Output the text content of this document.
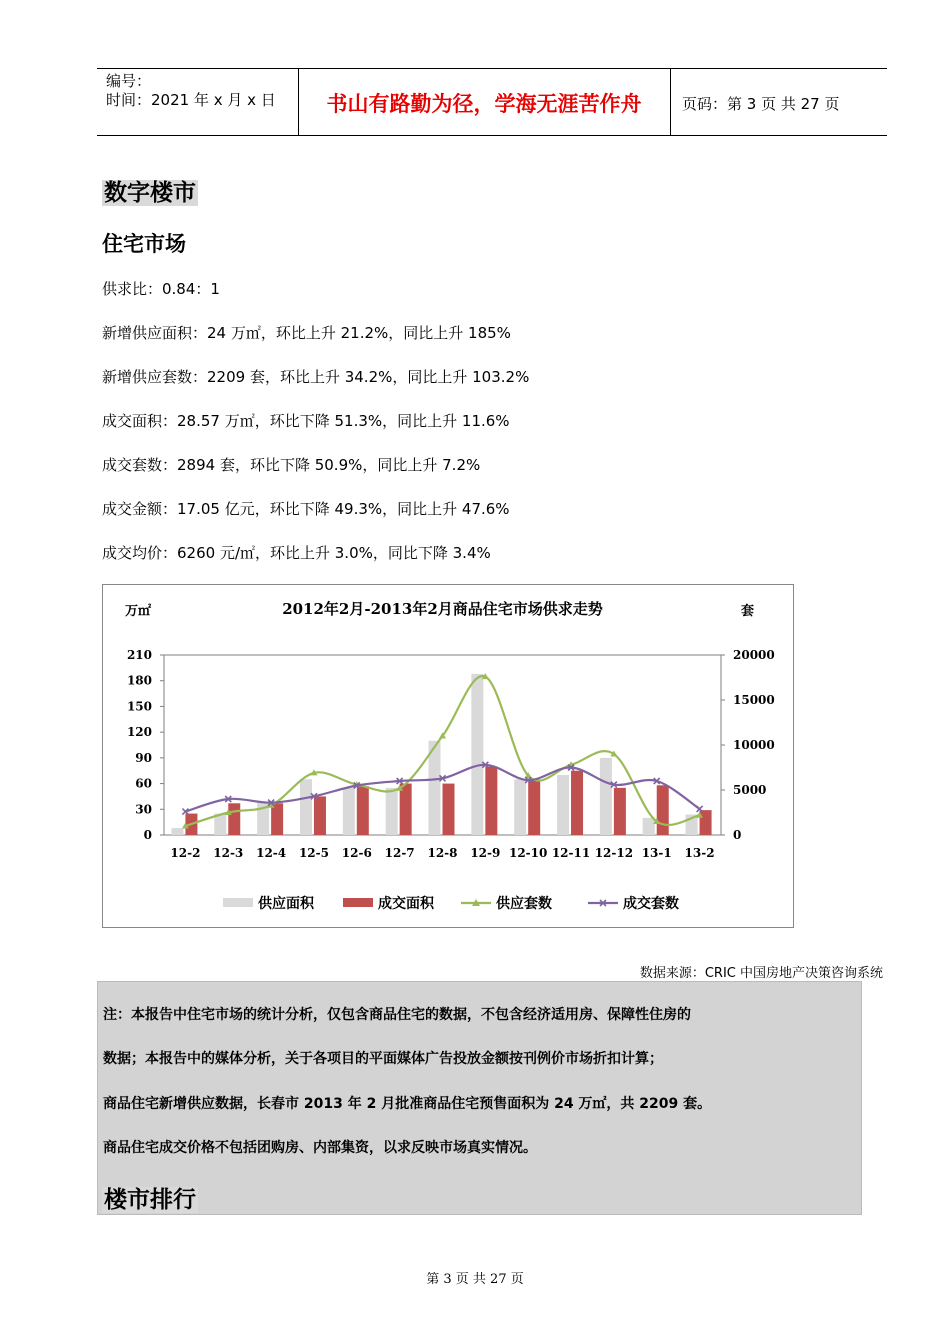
编号：
时间：2021 年 x 月 x 日	书山有路勤为径，学海无涯苦作舟	页码：第 3 页 共 27 页
数字楼市
住宅市场
供求比：0.84：1
新增供应面积：24 万㎡，环比上升 21.2%，同比上升 185%
新增供应套数：2209 套，环比上升 34.2%，同比上升 103.2%
成交面积：28.57 万㎡，环比下降 51.3%，同比上升 11.6%
成交套数：2894 套，环比下降 50.9%，同比上升 7.2%
成交金额：17.05 亿元，环比下降 49.3%，同比上升 47.6%
成交均价：6260 元/㎡，环比上升 3.0%，同比下降 3.4%
2012年2月-2013年2月商品住宅市场供求走势
万㎡	套
0
30
60
90
120
150
180
210
0
5000
10000
15000
20000
12-2 12-3 12-4 12-5 12-6 12-7 12-8 12-9 12-10 12-11 12-12 13-1 13-2
供应面积	成交面积	供应套数	成交套数
数据来源：CRIC 中国房地产决策咨询系统
注：本报告中住宅市场的统计分析，仅包含商品住宅的数据，不包含经济适用房、保障性住房的
数据；本报告中的媒体分析，关于各项目的平面媒体广告投放金额按刊例价市场折扣计算；
商品住宅新增供应数据，长春市 2013 年 2 月批准商品住宅预售面积为 24 万㎡，共 2209 套。
商品住宅成交价格不包括团购房、内部集资，以求反映市场真实情况。
楼市排行
第 3 页 共 27 页
